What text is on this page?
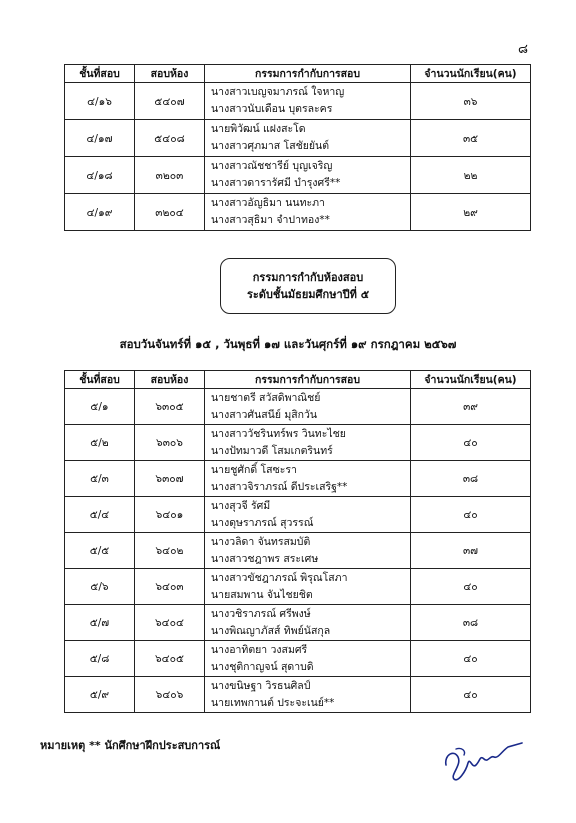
๘
ชั้นที่สอบ	สอบห้อง	กรรมการกำกับการสอบ	จำนวนนักเรียน(คน)
๔/๑๖	๕๔๐๗	นางสาวเบญจมาภรณ์ ใจหาญ
นางสาวนับเดือน บุตรละคร	๓๖
๔/๑๗	๕๔๐๘	นายพิวัฒน์ แฝงสะโด
นางสาวศุภมาส โสชัยยันต์	๓๕
๔/๑๘	๓๒๐๓	นางสาวณัชชารีย์ บุญเจริญ
นางสาวดารารัศมี บำรุงศรี**	๒๒
๔/๑๙	๓๒๐๔	นางสาวอัญธิมา นนทะภา
นางสาวสุธิมา จำปาทอง**	๒๙
กรรมการกำกับห้องสอบ
ระดับชั้นมัธยมศึกษาปีที่ ๕
สอบวันจันทร์ที่ ๑๕ , วันพุธที่ ๑๗ และวันศุกร์ที่ ๑๙ กรกฎาคม ๒๕๖๗
ชั้นที่สอบ	สอบห้อง	กรรมการกำกับการสอบ	จำนวนนักเรียน(คน)
๕/๑	๖๓๐๕	นายชาตรี สวัสดิพาณิชย์
นางสาวศันสนีย์ มุสิกวัน	๓๙
๕/๒	๖๓๐๖	นางสาววัชรินทร์พร วินทะไชย
นางปัทมาวดี โสมเกตรินทร์	๔๐
๕/๓	๖๓๐๗	นายชูศักดิ์ โสซะรา
นางสาวจิราภรณ์ ดีประเสริฐ**	๓๘
๕/๔	๖๔๐๑	นางสุวจี รัศมี
นางดุษราภรณ์ สุวรรณ์	๔๐
๕/๕	๖๔๐๒	นางวลิดา จันทรสมบัติ
นางสาวชฎาพร สระเศษ	๓๗
๕/๖	๖๔๐๓	นางสาวขัชฎาภรณ์ พิรุณโสภา
นายสมพาน จันไชยชิต	๔๐
๕/๗	๖๔๐๔	นางวชิราภรณ์ ศรีพงษ์
นางพิณญาภัสส์ ทิพย์นัสกุล	๓๘
๕/๘	๖๔๐๕	นางอาทิตยา วงสมศรี
นางชุติกาญจน์ สุดาบดิ	๔๐
๕/๙	๖๔๐๖	นางขนิษฐา วิรธนศิลป์
นายเทพกานต์ ประจะเนย์**	๔๐
หมายเหตุ ** นักศึกษาฝึกประสบการณ์
